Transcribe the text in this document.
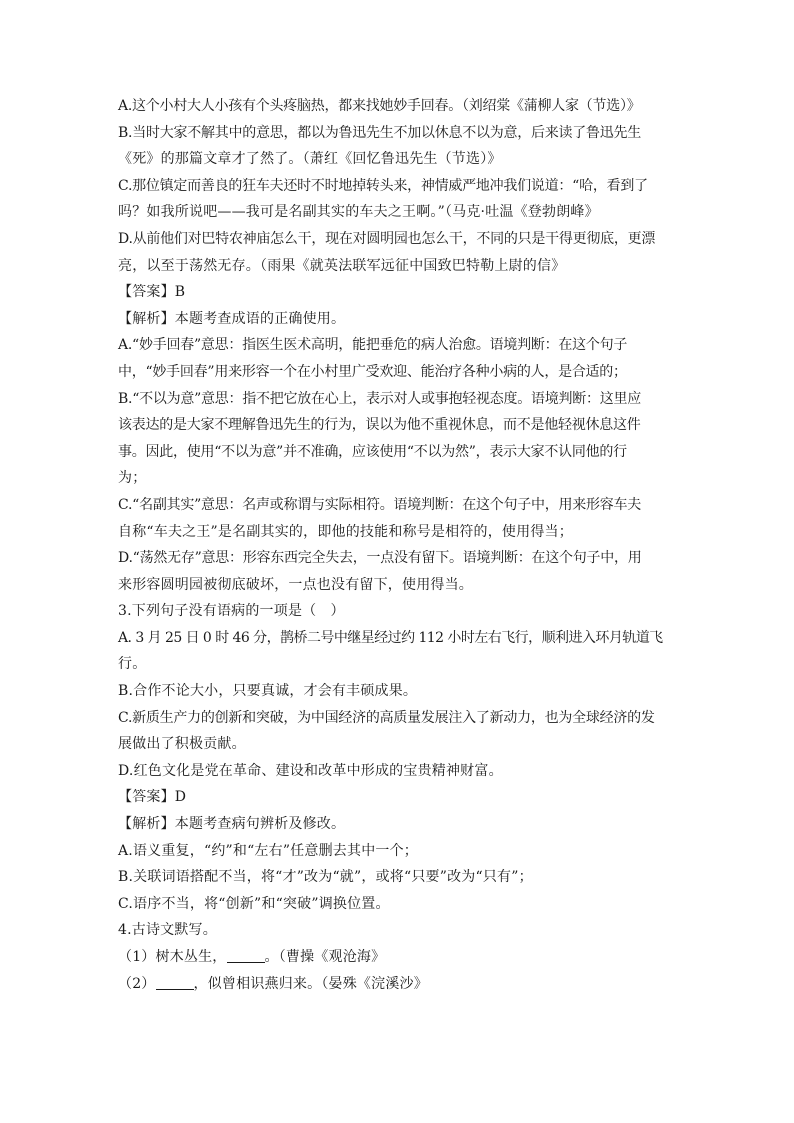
A.这个小村大人小孩有个头疼脑热，都来找她妙手回春。（刘绍棠《蒲柳人家（节选）》
B.当时大家不解其中的意思，都以为鲁迅先生不加以休息不以为意，后来读了鲁迅先生
《死》的那篇文章才了然了。（萧红《回忆鲁迅先生（节选）》
C.那位镇定而善良的狂车夫还时不时地掉转头来，神情威严地冲我们说道：“哈，看到了
吗？如我所说吧——我可是名副其实的车夫之王啊。”（马克·吐温《登勃朗峰》
D.从前他们对巴特农神庙怎么干，现在对圆明园也怎么干，不同的只是干得更彻底，更漂
亮，以至于荡然无存。（雨果《就英法联军远征中国致巴特勒上尉的信》
【答案】B
【解析】本题考查成语的正确使用。
A.“妙手回春”意思：指医生医术高明，能把垂危的病人治愈。语境判断：在这个句子
中，“妙手回春”用来形容一个在小村里广受欢迎、能治疗各种小病的人，是合适的；
B.“不以为意”意思：指不把它放在心上，表示对人或事抱轻视态度。语境判断：这里应
该表达的是大家不理解鲁迅先生的行为，误以为他不重视休息，而不是他轻视休息这件
事。因此，使用“不以为意”并不准确，应该使用“不以为然”，表示大家不认同他的行
为；
C.“名副其实”意思：名声或称谓与实际相符。语境判断：在这个句子中，用来形容车夫
自称“车夫之王”是名副其实的，即他的技能和称号是相符的，使用得当；
D.“荡然无存”意思：形容东西完全失去，一点没有留下。语境判断：在这个句子中，用
来形容圆明园被彻底破坏，一点也没有留下，使用得当。
3.下列句子没有语病的一项是（　）
A. 3 月 25 日 0 时 46 分，鹊桥二号中继星经过约 112 小时左右飞行，顺利进入环月轨道飞
行。
B.合作不论大小，只要真诚，才会有丰硕成果。
C.新质生产力的创新和突破，为中国经济的高质量发展注入了新动力，也为全球经济的发
展做出了积极贡献。
D.红色文化是党在革命、建设和改革中形成的宝贵精神财富。
【答案】D
【解析】本题考查病句辨析及修改。
A.语义重复，“约”和“左右”任意删去其中一个；
B.关联词语搭配不当，将“才”改为“就”，或将“只要”改为“只有”；
C.语序不当，将“创新”和“突破”调换位置。
4.古诗文默写。
（1）树木丛生，	。（曹操《观沧海》
（2）	，似曾相识燕归来。（晏殊《浣溪沙》
